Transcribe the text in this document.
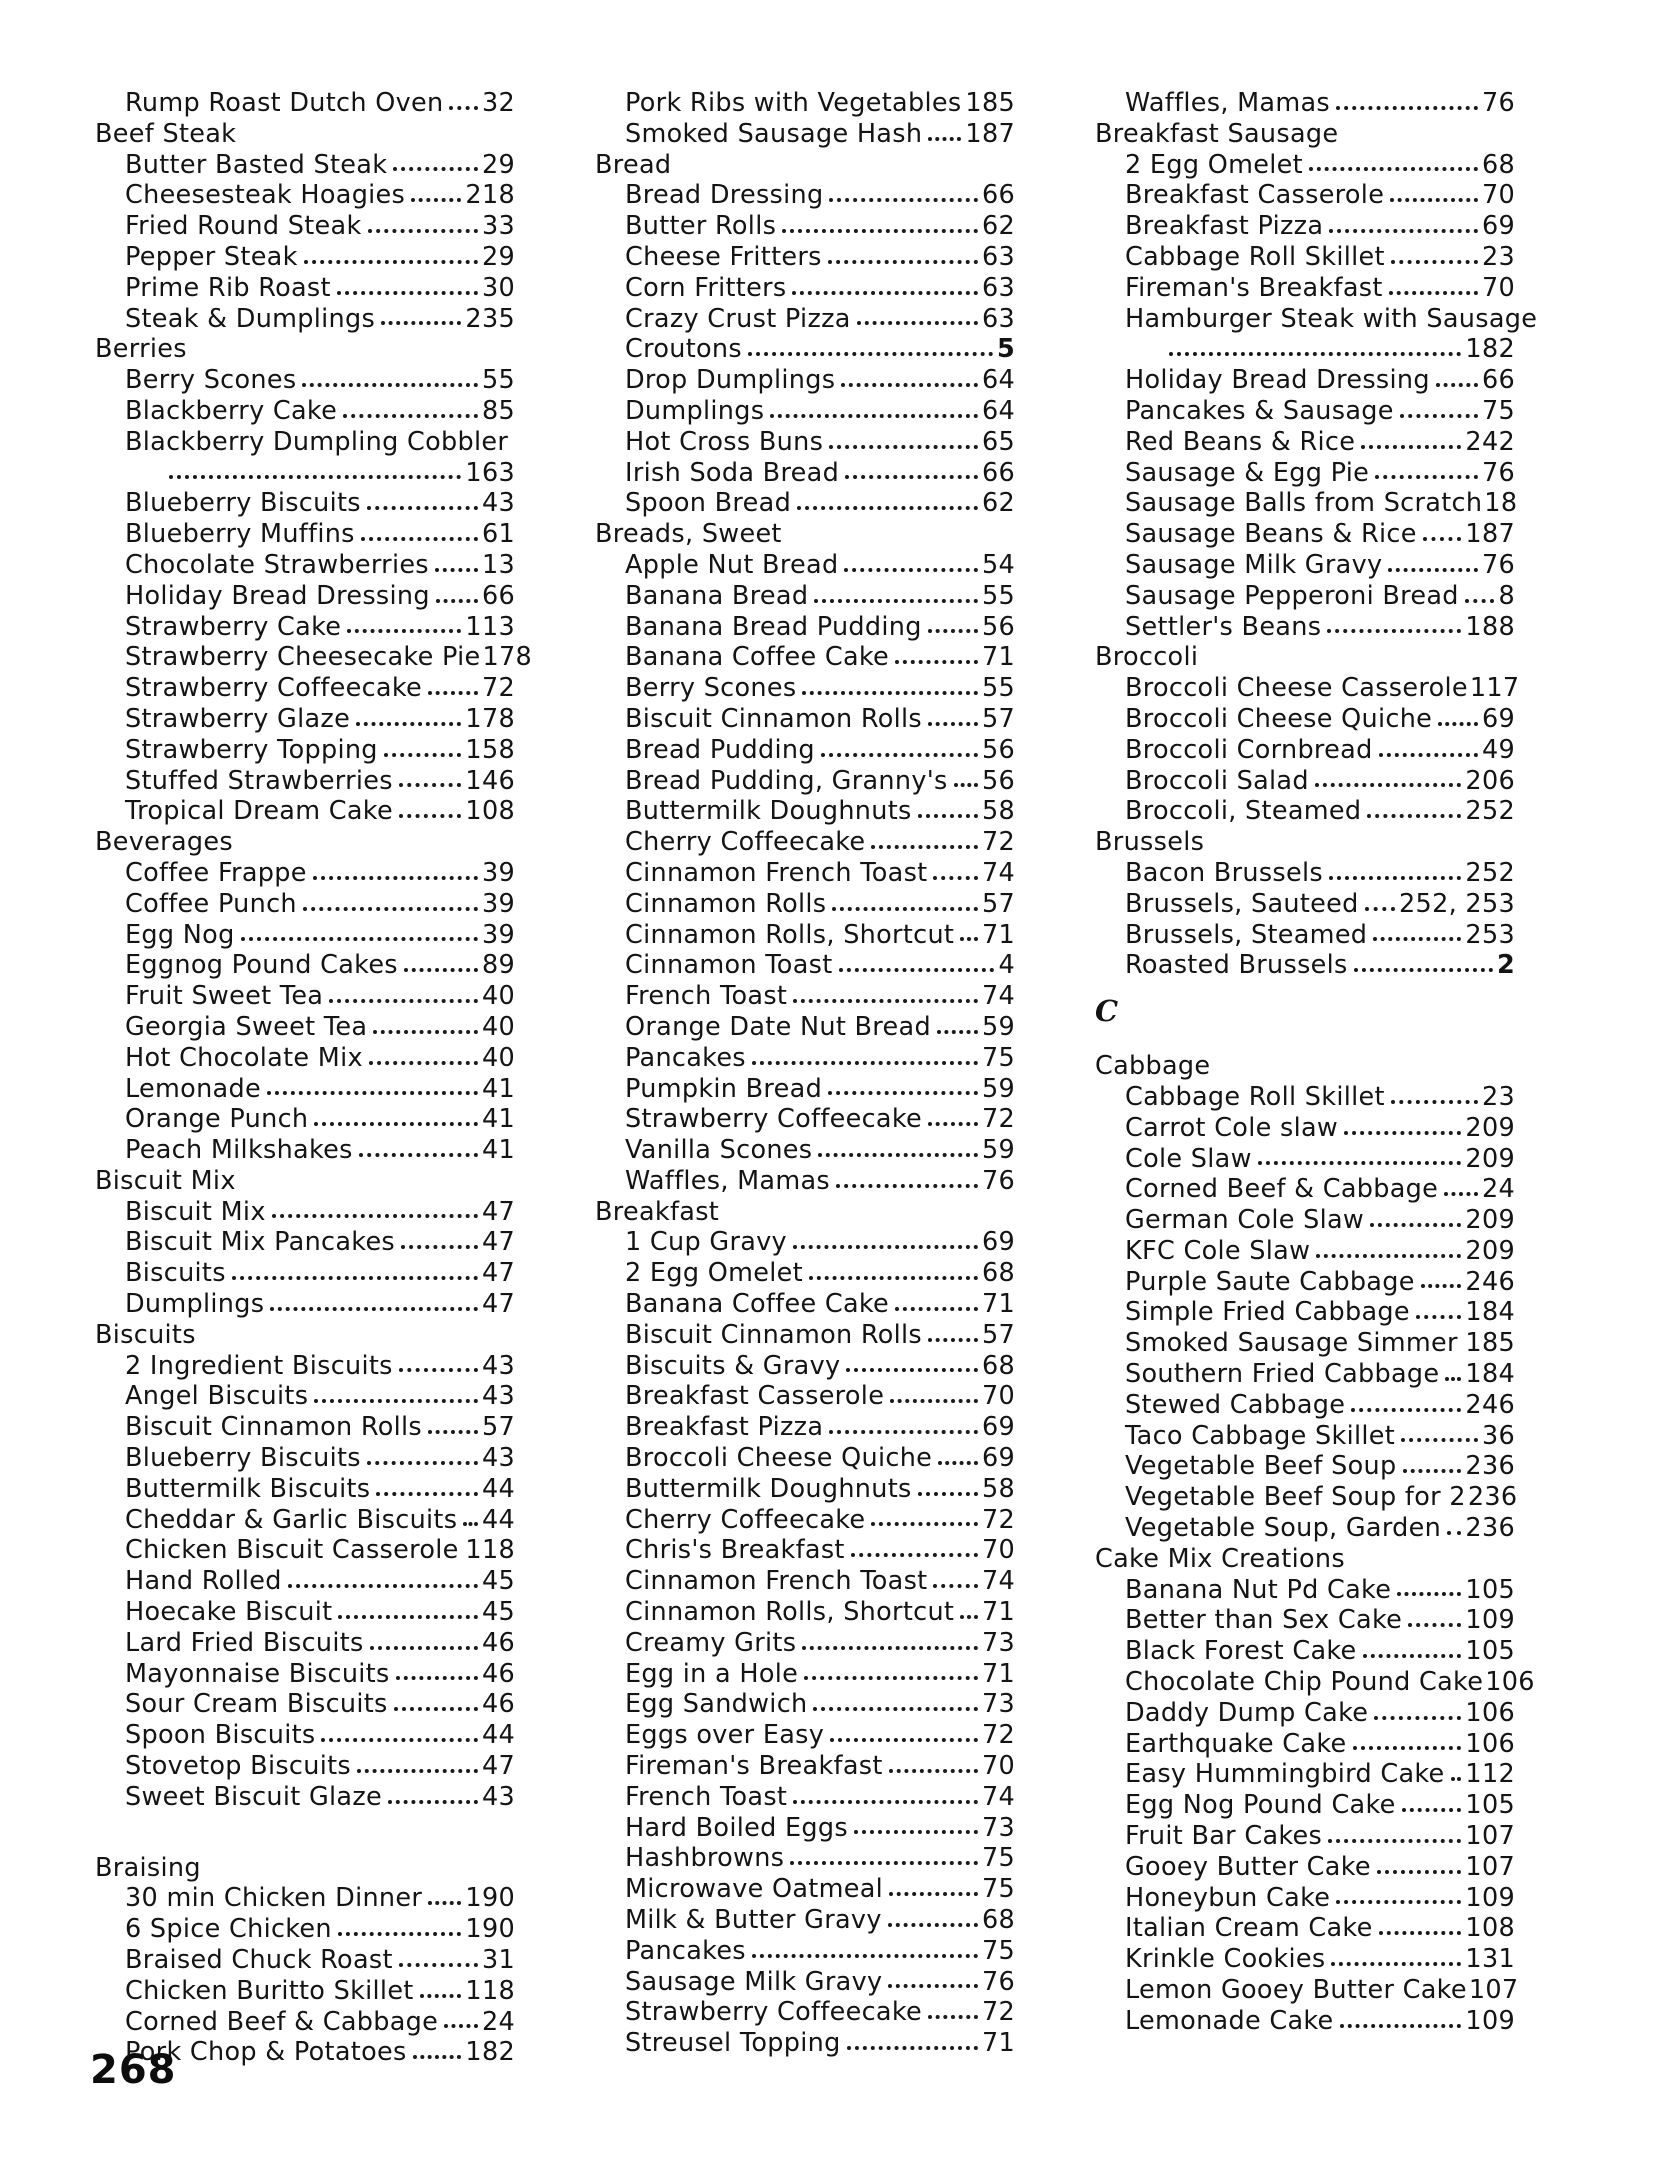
Rump Roast Dutch Oven 32
Beef Steak
Butter Basted Steak	29
Cheesesteak Hoagies 218
Fried Round Steak	33
Pepper Steak	29
Prime Rib Roast	30
Steak & Dumplings	235
Berries
Berry Scones	55
Blackberry Cake	85
Blackberry Dumpling Cobbler
163
Blueberry Biscuits	43
Blueberry Muffins	61
Chocolate Strawberries 13
Holiday Bread Dressing 66
Strawberry Cake	113
Strawberry Cheesecake Pie 178
Strawberry Coffeecake 72
Strawberry Glaze	178
Strawberry Topping	158
Stuffed Strawberries	146
Tropical Dream Cake	108
Beverages
Coffee Frappe	39
Coffee Punch	39
Egg Nog	39
Eggnog Pound Cakes	89
Fruit Sweet Tea	40
Georgia Sweet Tea	40
Hot Chocolate Mix	40
Lemonade	41
Orange Punch	41
Peach Milkshakes	41
Biscuit Mix
Biscuit Mix	47
Biscuit Mix Pancakes	47
Biscuits	47
Dumplings	47
Biscuits
2 Ingredient Biscuits	43
Angel Biscuits	43
Biscuit Cinnamon Rolls 57
Blueberry Biscuits	43
Buttermilk Biscuits	44
Cheddar & Garlic Biscuits 44
Chicken Biscuit Casserole 118
Hand Rolled	45
Hoecake Biscuit	45
Lard Fried Biscuits	46
Mayonnaise Biscuits	46
Sour Cream Biscuits	46
Spoon Biscuits	44
Stovetop Biscuits	47
Sweet Biscuit Glaze	43
Braising
30 min Chicken Dinner 190
6 Spice Chicken	190
Braised Chuck Roast	31
Chicken Buritto Skillet 118
Corned Beef & Cabbage 24
Pork Chop & Potatoes 182
Pork Ribs with Vegetables 185
Smoked Sausage Hash 187
Bread
Bread Dressing	66
Butter Rolls	62
Cheese Fritters	63
Corn Fritters	63
Crazy Crust Pizza	63
Croutons	5
Drop Dumplings	64
Dumplings	64
Hot Cross Buns	65
Irish Soda Bread	66
Spoon Bread	62
Breads, Sweet
Apple Nut Bread	54
Banana Bread	55
Banana Bread Pudding 56
Banana Coffee Cake	71
Berry Scones	55
Biscuit Cinnamon Rolls 57
Bread Pudding	56
Bread Pudding, Granny's 56
Buttermilk Doughnuts	58
Cherry Coffeecake	72
Cinnamon French Toast 74
Cinnamon Rolls	57
Cinnamon Rolls, Shortcut 71
Cinnamon Toast	4
French Toast	74
Orange Date Nut Bread 59
Pancakes	75
Pumpkin Bread	59
Strawberry Coffeecake 72
Vanilla Scones	59
Waffles, Mamas	76
Breakfast
1 Cup Gravy	69
2 Egg Omelet	68
Banana Coffee Cake	71
Biscuit Cinnamon Rolls 57
Biscuits & Gravy	68
Breakfast Casserole	70
Breakfast Pizza	69
Broccoli Cheese Quiche 69
Buttermilk Doughnuts	58
Cherry Coffeecake	72
Chris's Breakfast	70
Cinnamon French Toast 74
Cinnamon Rolls, Shortcut 71
Creamy Grits	73
Egg in a Hole	71
Egg Sandwich	73
Eggs over Easy	72
Fireman's Breakfast	70
French Toast	74
Hard Boiled Eggs	73
Hashbrowns	75
Microwave Oatmeal	75
Milk & Butter Gravy	68
Pancakes	75
Sausage Milk Gravy	76
Strawberry Coffeecake 72
Streusel Topping	71
Waffles, Mamas	76
Breakfast Sausage
2 Egg Omelet	68
Breakfast Casserole	70
Breakfast Pizza	69
Cabbage Roll Skillet	23
Fireman's Breakfast	70
Hamburger Steak with Sausage
182
Holiday Bread Dressing 66
Pancakes & Sausage	75
Red Beans & Rice	242
Sausage & Egg Pie	76
Sausage Balls from Scratch 18
Sausage Beans & Rice 187
Sausage Milk Gravy	76
Sausage Pepperoni Bread 8
Settler's Beans	188
Broccoli
Broccoli Cheese Casserole 117
Broccoli Cheese Quiche 69
Broccoli Cornbread	49
Broccoli Salad	206
Broccoli, Steamed	252
Brussels
Bacon Brussels	252
Brussels, Sauteed 252, 253
Brussels, Steamed	253
Roasted Brussels	2
C
Cabbage
Cabbage Roll Skillet	23
Carrot Cole slaw	209
Cole Slaw	209
Corned Beef & Cabbage 24
German Cole Slaw	209
KFC Cole Slaw	209
Purple Saute Cabbage 246
Simple Fried Cabbage 184
Smoked Sausage Simmer 185
Southern Fried Cabbage 184
Stewed Cabbage	246
Taco Cabbage Skillet	36
Vegetable Beef Soup	236
Vegetable Beef Soup for 2 236
Vegetable Soup, Garden 236
Cake Mix Creations
Banana Nut Pd Cake	105
Better than Sex Cake 109
Black Forest Cake	105
Chocolate Chip Pound Cake 106
Daddy Dump Cake	106
Earthquake Cake	106
Easy Hummingbird Cake 112
Egg Nog Pound Cake	105
Fruit Bar Cakes	107
Gooey Butter Cake	107
Honeybun Cake	109
Italian Cream Cake	108
Krinkle Cookies	131
Lemon Gooey Butter Cake 107
Lemonade Cake	109
268
